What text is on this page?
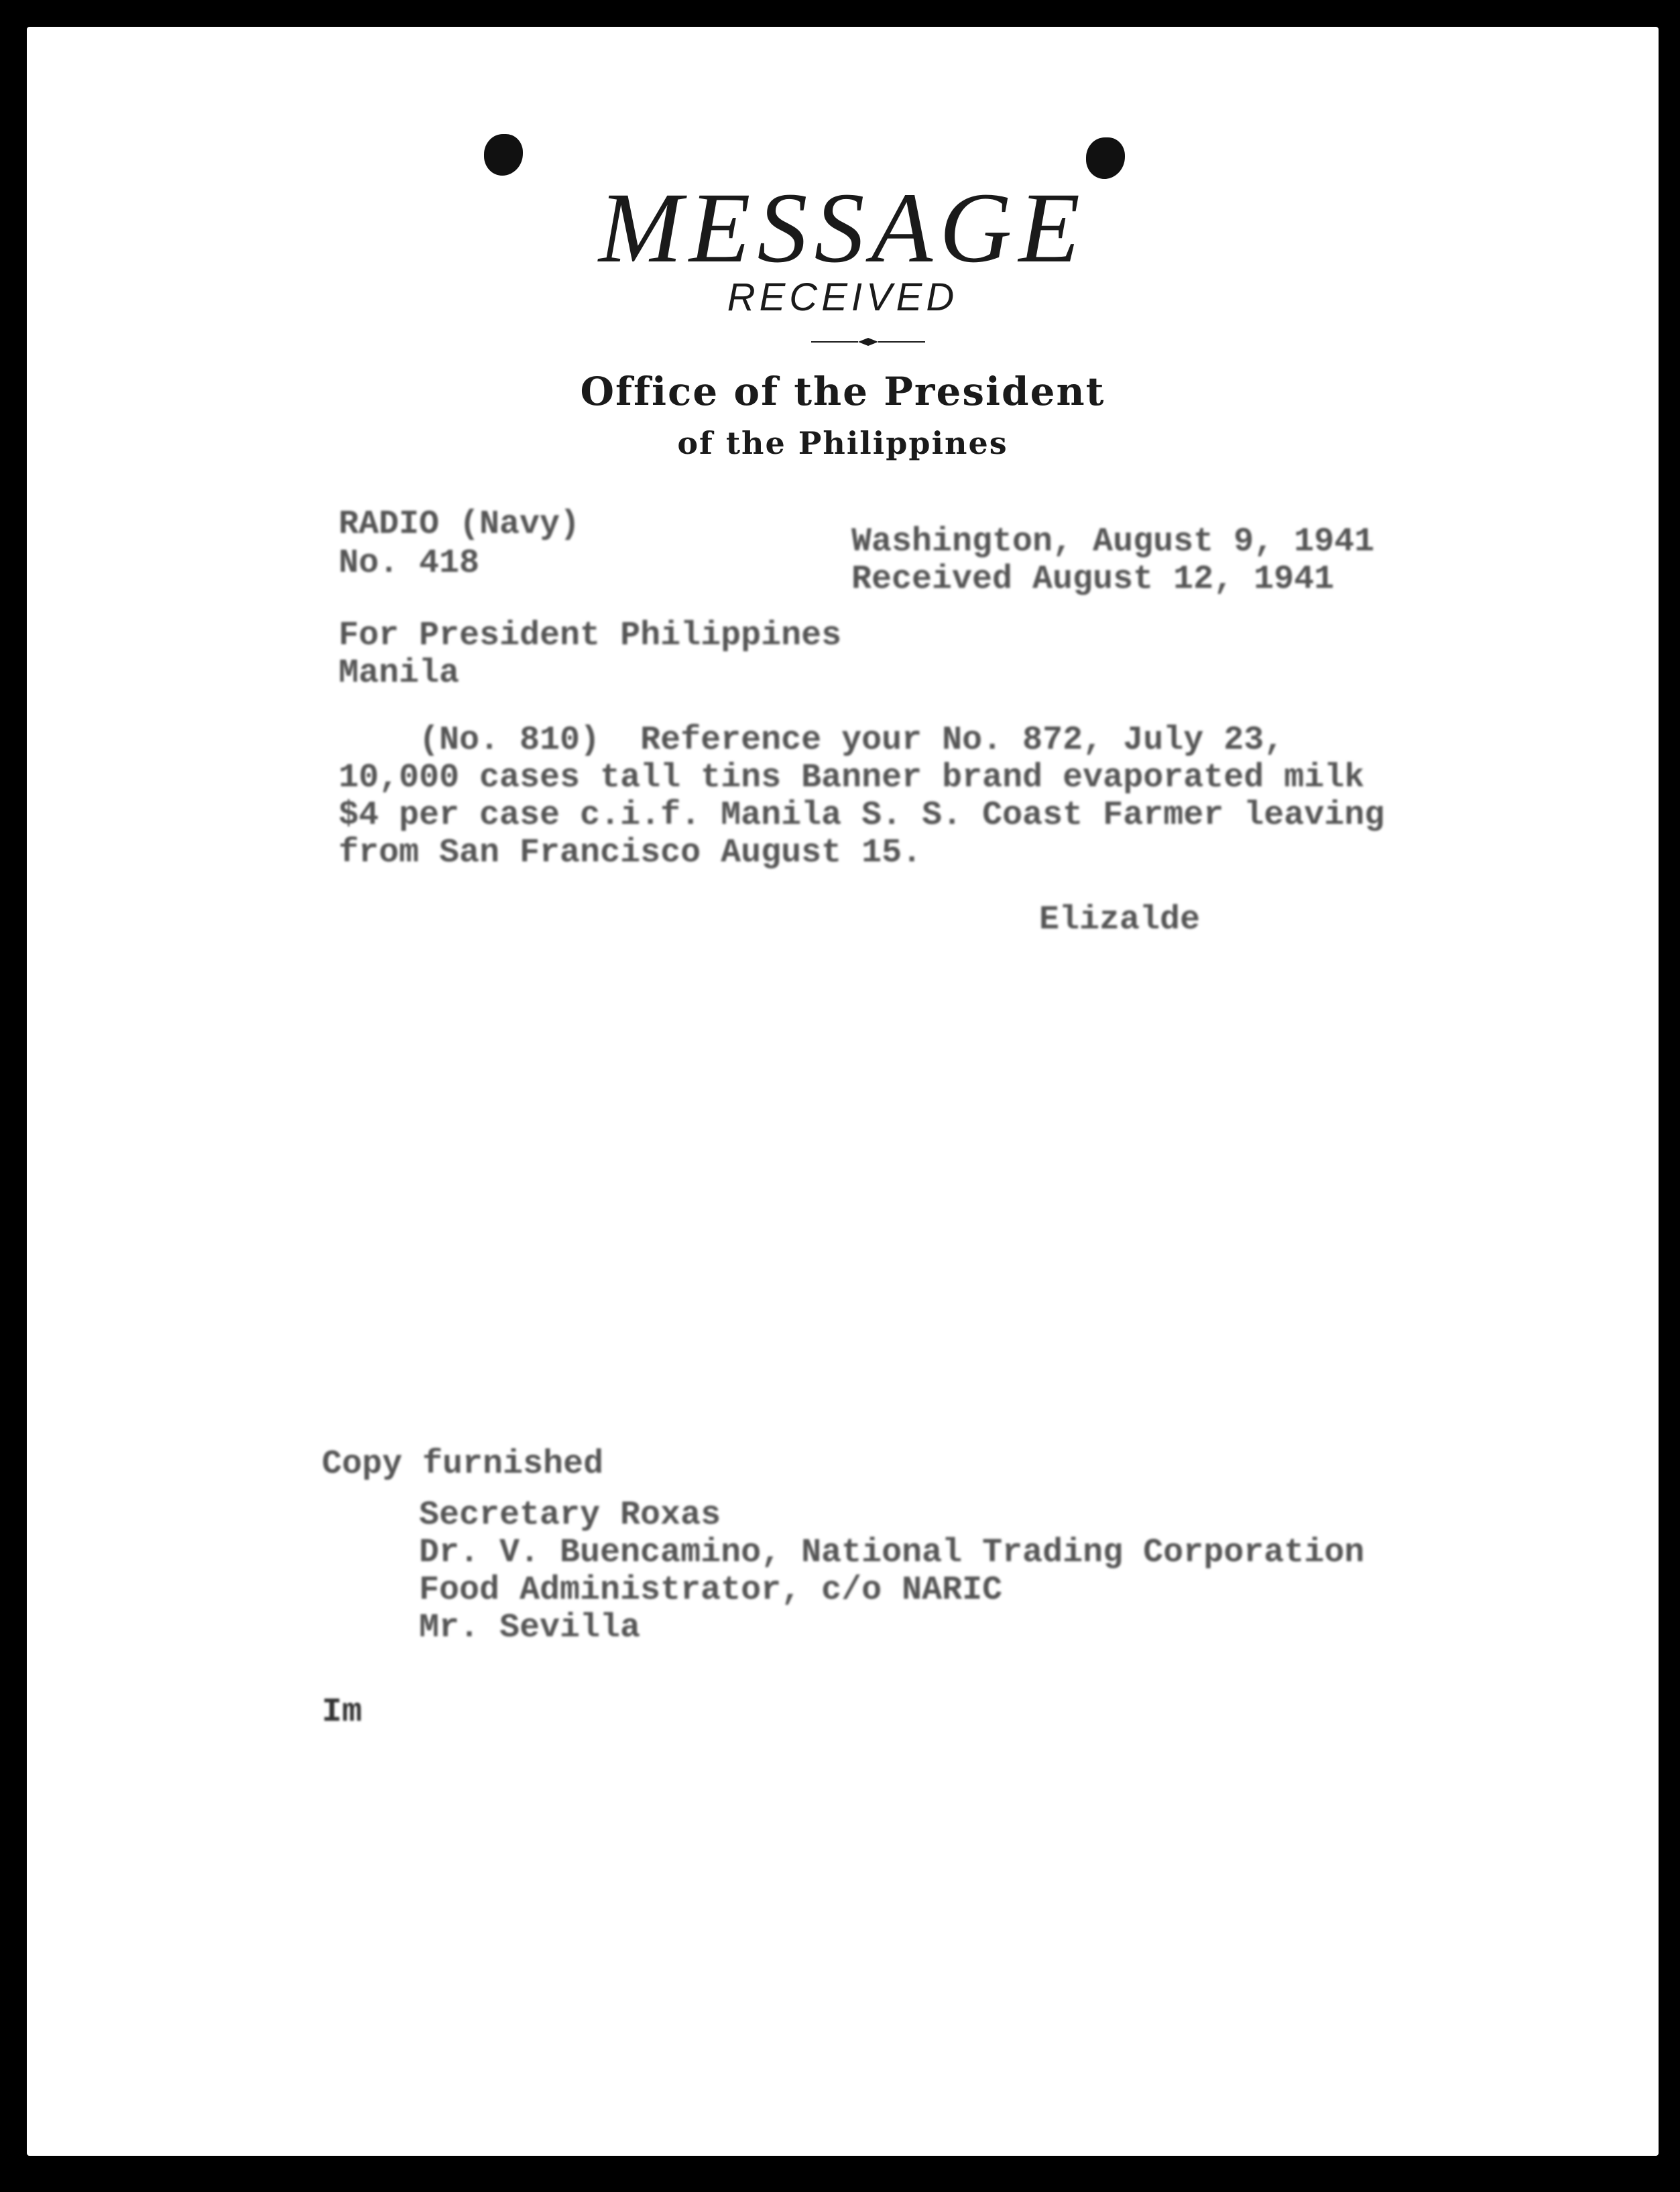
MESSAGE
RECEIVED
Office of the President
of the Philippines
RADIO (Navy)
No. 418
Washington, August 9, 1941
Received August 12, 1941
For President Philippines
Manila
(No. 810)  Reference your No. 872, July 23,
10,000 cases tall tins Banner brand evaporated milk
$4 per case c.i.f. Manila S. S. Coast Farmer leaving
from San Francisco August 15.
Elizalde
Copy furnished
Secretary Roxas
Dr. V. Buencamino, National Trading Corporation
Food Administrator, c/o NARIC
Mr. Sevilla
Im
